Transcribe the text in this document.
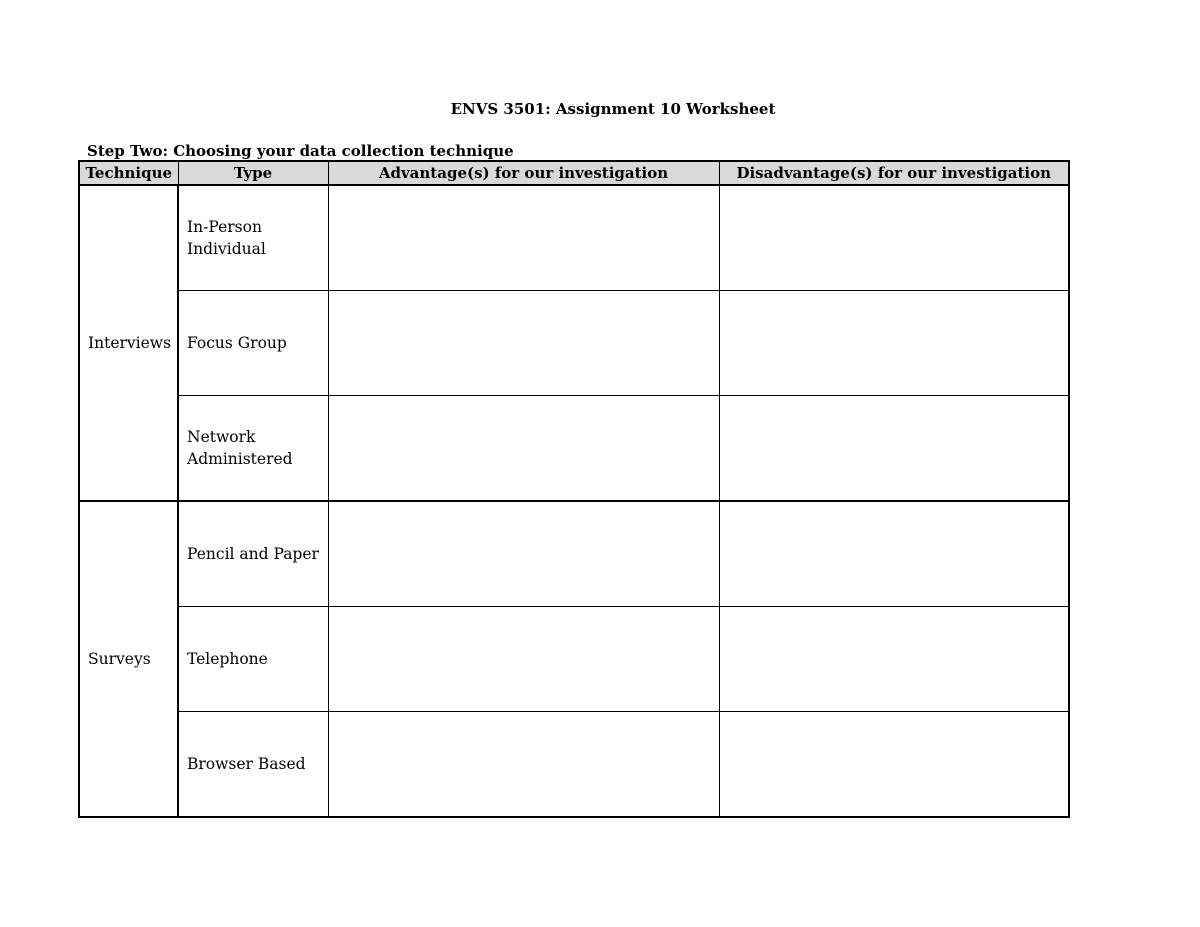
ENVS 3501: Assignment 10 Worksheet
Step Two: Choosing your data collection technique
Technique	Type	Advantage(s) for our investigation	Disadvantage(s) for our investigation
Interviews	In-Person
Individual		

	Focus Group		

	Network
Administered		

Surveys	Pencil and Paper		

	Telephone		

	Browser Based		
